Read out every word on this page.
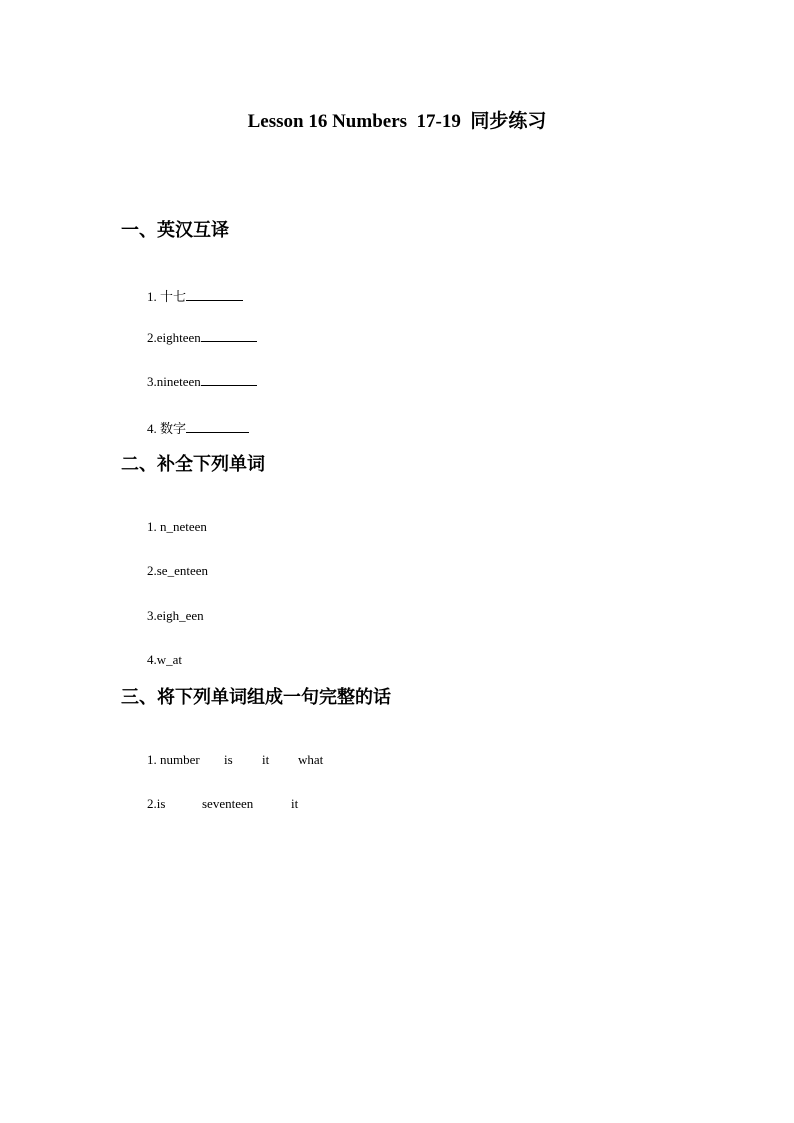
Lesson 16 Numbers  17-19  同步练习
一、英汉互译

1. 十七

2.eighteen

3.nineteen

4. 数字

二、补全下列单词

1. n_neteen

2.se_enteen

3.eigh_een

4.w_at

三、将下列单词组成一句完整的话

1. number is it what

2.is	seventeen	it
